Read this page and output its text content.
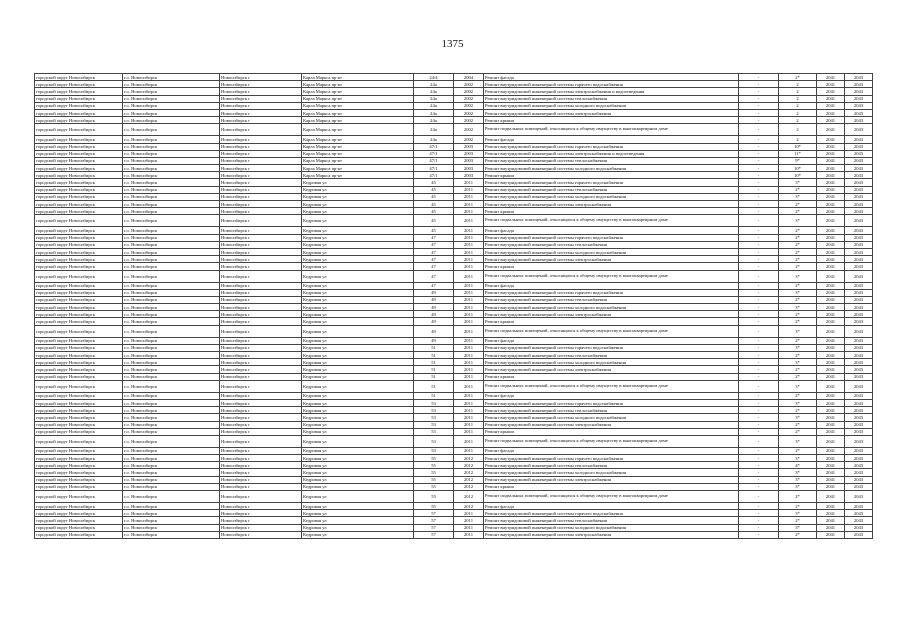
1375
городской округ Новосибирск	г.о. Новосибирск	Новосибирск г	Карла Маркса пр-кт	24/4	2004	Ремонт фасада	-	2*	2041	2043
городской округ Новосибирск	г.о. Новосибирск	Новосибирск г	Карла Маркса пр-кт	24а	2002	Ремонт внутридомовой инженерной системы горячего водоснабжения	-	2	2041	2043
городской округ Новосибирск	г.о. Новосибирск	Новосибирск г	Карла Маркса пр-кт	24а	2002	Ремонт внутридомовой инженерной системы электроснабжения и водоотведения	-	2	2041	2043
городской округ Новосибирск	г.о. Новосибирск	Новосибирск г	Карла Маркса пр-кт	24а	2002	Ремонт внутридомовой инженерной системы теплоснабжения	-	2	2041	2043
городской округ Новосибирск	г.о. Новосибирск	Новосибирск г	Карла Маркса пр-кт	24а	2002	Ремонт внутридомовой инженерной системы холодного водоснабжения	-	2	2041	2043
городской округ Новосибирск	г.о. Новосибирск	Новосибирск г	Карла Маркса пр-кт	24а	2002	Ремонт внутридомовой инженерной системы электроснабжения	-	2	2041	2043
городской округ Новосибирск	г.о. Новосибирск	Новосибирск г	Карла Маркса пр-кт	24а	2002	Ремонт крыши	-	2	2041	2043
городской округ Новосибирск	г.о. Новосибирск	Новосибирск г	Карла Маркса пр-кт	24а	2002	Ремонт подвальных помещений, относящихся к общему имуществу в многоквартирном доме	-	2	2041	2043
городской округ Новосибирск	г.о. Новосибирск	Новосибирск г	Карла Маркса пр-кт	24а	2002	Ремонт фасада	-	2	2041	2043
городской округ Новосибирск	г.о. Новосибирск	Новосибирск г	Карла Маркса пр-кт	47/1	2003	Ремонт внутридомовой инженерной системы горячего водоснабжения	-	10*	2041	2043
городской округ Новосибирск	г.о. Новосибирск	Новосибирск г	Карла Маркса пр-кт	47/1	2003	Ремонт внутридомовой инженерной системы электроснабжения и водоотведения	-	11*	2041	2043
городской округ Новосибирск	г.о. Новосибирск	Новосибирск г	Карла Маркса пр-кт	47/1	2003	Ремонт внутридомовой инженерной системы теплоснабжения	-	9*	2041	2043
городской округ Новосибирск	г.о. Новосибирск	Новосибирск г	Карла Маркса пр-кт	47/1	2003	Ремонт внутридомовой инженерной системы холодного водоснабжения	-	10*	2041	2043
городской округ Новосибирск	г.о. Новосибирск	Новосибирск г	Карла Маркса пр-кт	47/1	2003	Ремонт крыши	-	10*	2041	2043
городской округ Новосибирск	г.о. Новосибирск	Новосибирск г	Кедровая ул	45	2011	Ремонт внутридомовой инженерной системы горячего водоснабжения	-	3*	2041	2043
городской округ Новосибирск	г.о. Новосибирск	Новосибирск г	Кедровая ул	45	2011	Ремонт внутридомовой инженерной системы теплоснабжения	-	2*	2041	2043
городской округ Новосибирск	г.о. Новосибирск	Новосибирск г	Кедровая ул	45	2011	Ремонт внутридомовой инженерной системы холодного водоснабжения	-	3*	2041	2043
городской округ Новосибирск	г.о. Новосибирск	Новосибирск г	Кедровая ул	45	2011	Ремонт внутридомовой инженерной системы электроснабжения	-	2*	2041	2043
городской округ Новосибирск	г.о. Новосибирск	Новосибирск г	Кедровая ул	45	2011	Ремонт крыши	-	2*	2041	2043
городской округ Новосибирск	г.о. Новосибирск	Новосибирск г	Кедровая ул	45	2011	Ремонт подвальных помещений, относящихся к общему имуществу в многоквартирном доме	-	3*	2041	2043
городской округ Новосибирск	г.о. Новосибирск	Новосибирск г	Кедровая ул	45	2011	Ремонт фасада	-	2*	2041	2043
городской округ Новосибирск	г.о. Новосибирск	Новосибирск г	Кедровая ул	47	2011	Ремонт внутридомовой инженерной системы горячего водоснабжения	-	2*	2041	2043
городской округ Новосибирск	г.о. Новосибирск	Новосибирск г	Кедровая ул	47	2011	Ремонт внутридомовой инженерной системы теплоснабжения	-	2*	2041	2043
городской округ Новосибирск	г.о. Новосибирск	Новосибирск г	Кедровая ул	47	2011	Ремонт внутридомовой инженерной системы холодного водоснабжения	-	2*	2041	2043
городской округ Новосибирск	г.о. Новосибирск	Новосибирск г	Кедровая ул	47	2011	Ремонт внутридомовой инженерной системы электроснабжения	-	2*	2041	2043
городской округ Новосибирск	г.о. Новосибирск	Новосибирск г	Кедровая ул	47	2011	Ремонт крыши	-	2*	2041	2043
городской округ Новосибирск	г.о. Новосибирск	Новосибирск г	Кедровая ул	47	2011	Ремонт подвальных помещений, относящихся к общему имуществу в многоквартирном доме	-	3*	2041	2043
городской округ Новосибирск	г.о. Новосибирск	Новосибирск г	Кедровая ул	47	2011	Ремонт фасада	-	2*	2041	2043
городской округ Новосибирск	г.о. Новосибирск	Новосибирск г	Кедровая ул	49	2011	Ремонт внутридомовой инженерной системы горячего водоснабжения	-	3*	2041	2043
городской округ Новосибирск	г.о. Новосибирск	Новосибирск г	Кедровая ул	49	2011	Ремонт внутридомовой инженерной системы теплоснабжения	-	2*	2041	2043
городской округ Новосибирск	г.о. Новосибирск	Новосибирск г	Кедровая ул	49	2011	Ремонт внутридомовой инженерной системы холодного водоснабжения	-	3*	2041	2043
городской округ Новосибирск	г.о. Новосибирск	Новосибирск г	Кедровая ул	49	2011	Ремонт внутридомовой инженерной системы электроснабжения	-	2*	2041	2043
городской округ Новосибирск	г.о. Новосибирск	Новосибирск г	Кедровая ул	49	2011	Ремонт крыши	-	2*	2041	2043
городской округ Новосибирск	г.о. Новосибирск	Новосибирск г	Кедровая ул	49	2011	Ремонт подвальных помещений, относящихся к общему имуществу в многоквартирном доме	-	3*	2041	2043
городской округ Новосибирск	г.о. Новосибирск	Новосибирск г	Кедровая ул	49	2011	Ремонт фасада	-	2*	2041	2043
городской округ Новосибирск	г.о. Новосибирск	Новосибирск г	Кедровая ул	51	2011	Ремонт внутридомовой инженерной системы горячего водоснабжения	-	3*	2041	2043
городской округ Новосибирск	г.о. Новосибирск	Новосибирск г	Кедровая ул	51	2011	Ремонт внутридомовой инженерной системы теплоснабжения	-	2*	2041	2043
городской округ Новосибирск	г.о. Новосибирск	Новосибирск г	Кедровая ул	51	2011	Ремонт внутридомовой инженерной системы холодного водоснабжения	-	3*	2041	2043
городской округ Новосибирск	г.о. Новосибирск	Новосибирск г	Кедровая ул	51	2011	Ремонт внутридомовой инженерной системы электроснабжения	-	2*	2041	2043
городской округ Новосибирск	г.о. Новосибирск	Новосибирск г	Кедровая ул	51	2011	Ремонт крыши	-	2*	2041	2043
городской округ Новосибирск	г.о. Новосибирск	Новосибирск г	Кедровая ул	51	2011	Ремонт подвальных помещений, относящихся к общему имуществу в многоквартирном доме	-	3*	2041	2043
городской округ Новосибирск	г.о. Новосибирск	Новосибирск г	Кедровая ул	51	2011	Ремонт фасада	-	2*	2041	2043
городской округ Новосибирск	г.о. Новосибирск	Новосибирск г	Кедровая ул	53	2011	Ремонт внутридомовой инженерной системы горячего водоснабжения	-	3*	2041	2043
городской округ Новосибирск	г.о. Новосибирск	Новосибирск г	Кедровая ул	53	2011	Ремонт внутридомовой инженерной системы теплоснабжения	-	2*	2041	2043
городской округ Новосибирск	г.о. Новосибирск	Новосибирск г	Кедровая ул	53	2011	Ремонт внутридомовой инженерной системы холодного водоснабжения	-	3*	2041	2043
городской округ Новосибирск	г.о. Новосибирск	Новосибирск г	Кедровая ул	53	2011	Ремонт внутридомовой инженерной системы электроснабжения	-	2*	2041	2043
городской округ Новосибирск	г.о. Новосибирск	Новосибирск г	Кедровая ул	53	2011	Ремонт крыши	-	2*	2041	2043
городской округ Новосибирск	г.о. Новосибирск	Новосибирск г	Кедровая ул	53	2011	Ремонт подвальных помещений, относящихся к общему имуществу в многоквартирном доме	-	3*	2041	2043
городской округ Новосибирск	г.о. Новосибирск	Новосибирск г	Кедровая ул	53	2011	Ремонт фасада	-	2*	2041	2043
городской округ Новосибирск	г.о. Новосибирск	Новосибирск г	Кедровая ул	55	2012	Ремонт внутридомовой инженерной системы горячего водоснабжения	-	3*	2041	2043
городской округ Новосибирск	г.о. Новосибирск	Новосибирск г	Кедровая ул	55	2012	Ремонт внутридомовой инженерной системы теплоснабжения	-	4*	2041	2043
городской округ Новосибирск	г.о. Новосибирск	Новосибирск г	Кедровая ул	55	2012	Ремонт внутридомовой инженерной системы холодного водоснабжения	-	3*	2041	2043
городской округ Новосибирск	г.о. Новосибирск	Новосибирск г	Кедровая ул	55	2012	Ремонт внутридомовой инженерной системы электроснабжения	-	3*	2041	2043
городской округ Новосибирск	г.о. Новосибирск	Новосибирск г	Кедровая ул	55	2012	Ремонт крыши	-	3*	2041	2043
городской округ Новосибирск	г.о. Новосибирск	Новосибирск г	Кедровая ул	55	2012	Ремонт подвальных помещений, относящихся к общему имуществу в многоквартирном доме	-	2*	2041	2043
городской округ Новосибирск	г.о. Новосибирск	Новосибирск г	Кедровая ул	55	2012	Ремонт фасада	-	2*	2041	2043
городской округ Новосибирск	г.о. Новосибирск	Новосибирск г	Кедровая ул	57	2011	Ремонт внутридомовой инженерной системы горячего водоснабжения	-	3*	2041	2043
городской округ Новосибирск	г.о. Новосибирск	Новосибирск г	Кедровая ул	57	2011	Ремонт внутридомовой инженерной системы теплоснабжения	-	2*	2041	2043
городской округ Новосибирск	г.о. Новосибирск	Новосибирск г	Кедровая ул	57	2011	Ремонт внутридомовой инженерной системы холодного водоснабжения	-	3*	2041	2043
городской округ Новосибирск	г.о. Новосибирск	Новосибирск г	Кедровая ул	57	2011	Ремонт внутридомовой инженерной системы электроснабжения	-	2*	2041	2043
